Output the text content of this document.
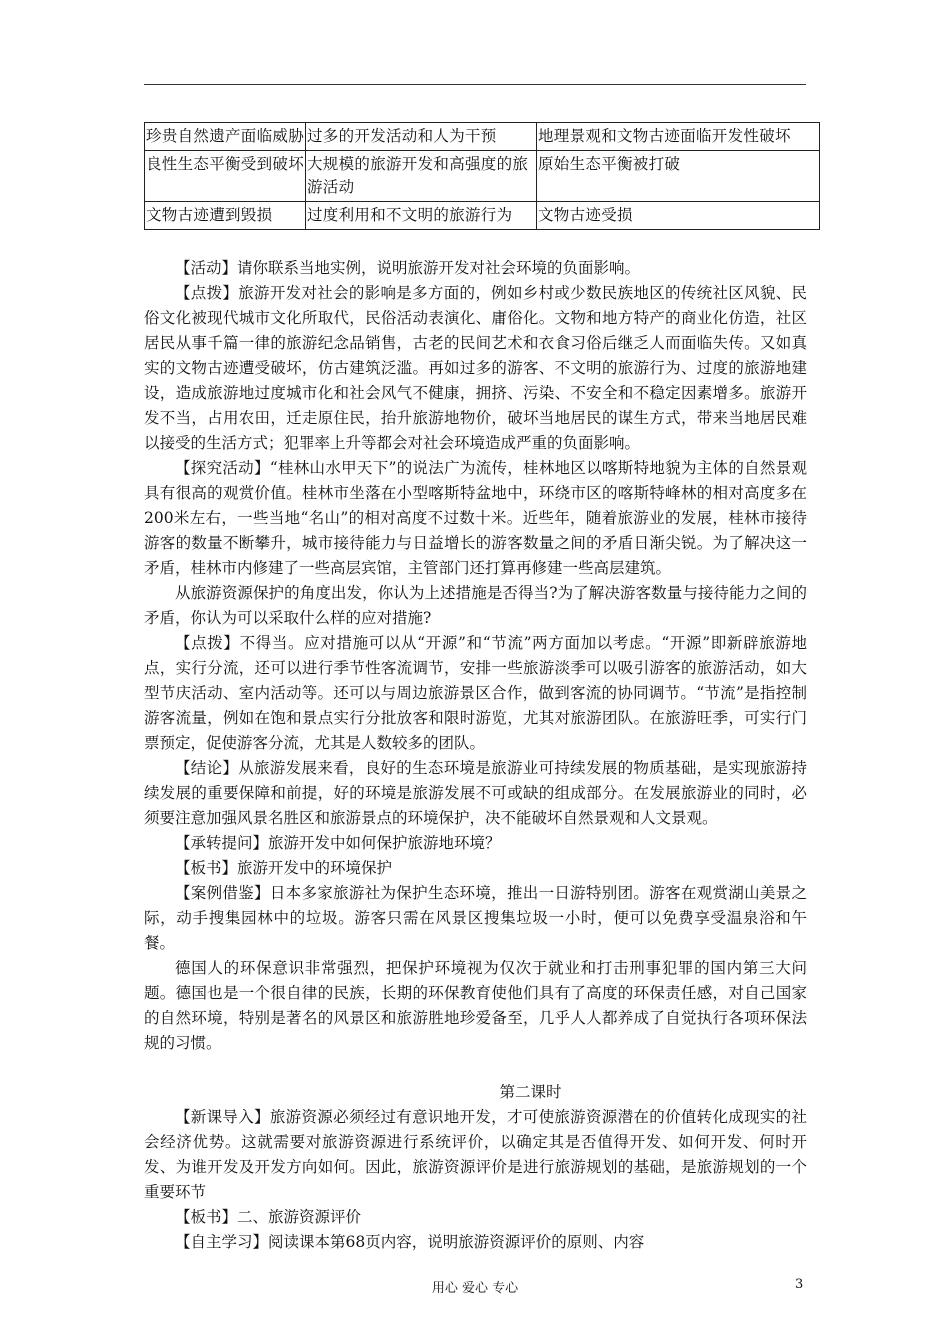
珍贵自然遗产面临威胁	过多的开发活动和人为干预	地理景观和文物古迹面临开发性破坏
良性生态平衡受到破坏	大规模的旅游开发和高强度的旅游活动	原始生态平衡被打破
文物古迹遭到毁损	过度利用和不文明的旅游行为	文物古迹受损

【活动】请你联系当地实例，说明旅游开发对社会环境的负面影响。

【点拨】旅游开发对社会的影响是多方面的，例如乡村或少数民族地区的传统社区风貌、民俗文化被现代城市文化所取代，民俗活动表演化、庸俗化。文物和地方特产的商业化仿造，社区居民从事千篇一律的旅游纪念品销售，古老的民间艺术和衣食习俗后继乏人而面临失传。又如真实的文物古迹遭受破坏，仿古建筑泛滥。再如过多的游客、不文明的旅游行为、过度的旅游地建设，造成旅游地过度城市化和社会风气不健康，拥挤、污染、不安全和不稳定因素增多。旅游开发不当，占用农田，迁走原住民，抬升旅游地物价，破坏当地居民的谋生方式，带来当地居民难以接受的生活方式；犯罪率上升等都会对社会环境造成严重的负面影响。

【探究活动】“桂林山水甲天下”的说法广为流传，桂林地区以喀斯特地貌为主体的自然景观具有很高的观赏价值。桂林市坐落在小型喀斯特盆地中，环绕市区的喀斯特峰林的相对高度多在200米左右，一些当地“名山”的相对高度不过数十米。近些年，随着旅游业的发展，桂林市接待游客的数量不断攀升，城市接待能力与日益增长的游客数量之间的矛盾日渐尖锐。为了解决这一矛盾，桂林市内修建了一些高层宾馆，主管部门还打算再修建一些高层建筑。

从旅游资源保护的角度出发，你认为上述措施是否得当?为了解决游客数量与接待能力之间的矛盾，你认为可以采取什么样的应对措施?

【点拨】不得当。应对措施可以从“开源”和“节流”两方面加以考虑。“开源”即新辟旅游地点，实行分流，还可以进行季节性客流调节，安排一些旅游淡季可以吸引游客的旅游活动，如大型节庆活动、室内活动等。还可以与周边旅游景区合作，做到客流的协同调节。“节流”是指控制游客流量，例如在饱和景点实行分批放客和限时游览，尤其对旅游团队。在旅游旺季，可实行门票预定，促使游客分流，尤其是人数较多的团队。

【结论】从旅游发展来看，良好的生态环境是旅游业可持续发展的物质基础，是实现旅游持续发展的重要保障和前提，好的环境是旅游发展不可或缺的组成部分。在发展旅游业的同时，必须要注意加强风景名胜区和旅游景点的环境保护，决不能破坏自然景观和人文景观。

【承转提问】旅游开发中如何保护旅游地环境？

【板书】旅游开发中的环境保护

【案例借鉴】日本多家旅游社为保护生态环境，推出一日游特别团。游客在观赏湖山美景之际，动手搜集园林中的垃圾。游客只需在风景区搜集垃圾一小时，便可以免费享受温泉浴和午餐。

德国人的环保意识非常强烈，把保护环境视为仅次于就业和打击刑事犯罪的国内第三大问题。德国也是一个很自律的民族，长期的环保教育使他们具有了高度的环保责任感，对自己国家的自然环境，特别是著名的风景区和旅游胜地珍爱备至，几乎人人都养成了自觉执行各项环保法规的习惯。

第二课时

【新课导入】旅游资源必须经过有意识地开发，才可使旅游资源潜在的价值转化成现实的社会经济优势。这就需要对旅游资源进行系统评价，以确定其是否值得开发、如何开发、何时开发、为谁开发及开发方向如何。因此，旅游资源评价是进行旅游规划的基础，是旅游规划的一个重要环节

【板书】二、旅游资源评价

【自主学习】阅读课本第68页内容，说明旅游资源评价的原则、内容

用心 爱心 专心	3
